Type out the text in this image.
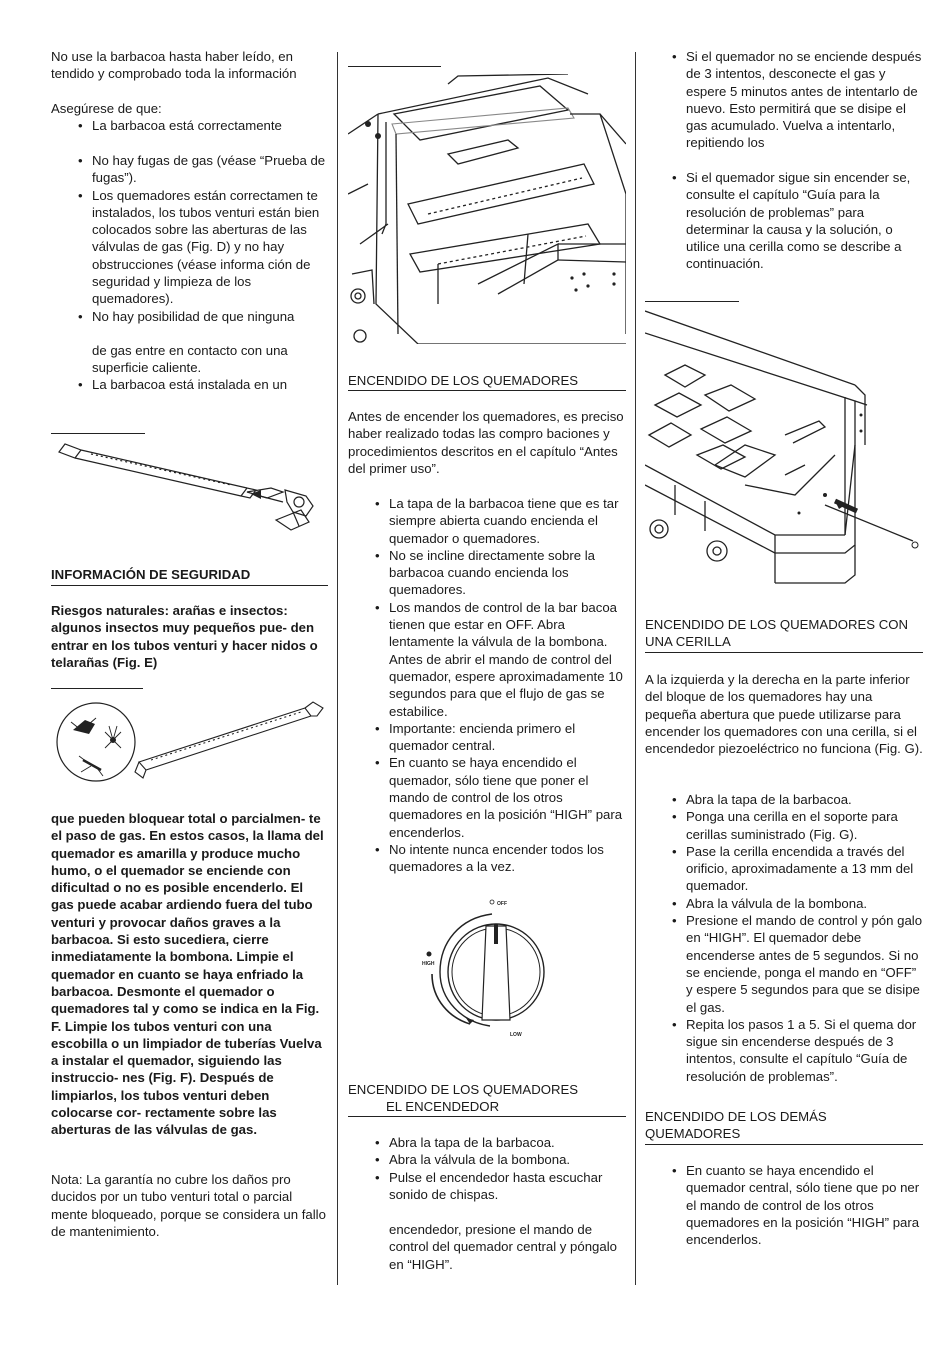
No use la barbacoa hasta haber leído, en tendido y comprobado toda la información

Asegúrese de que:

• La barbacoa está correctamente
• No hay fugas de gas (véase “Prueba de fugas”).
• Los quemadores están correctamen te instalados, los tubos venturi están bien colocados sobre las aberturas de las válvulas de gas (Fig. D) y no hay obstrucciones (véase informa ción de seguridad y limpieza de los quemadores).
• No hay posibilidad de que ninguna

de gas entre en contacto con una superficie caliente.

• La barbacoa está instalada en un

INFORMACIÓN DE SEGURIDAD

Riesgos naturales: arañas e insectos: algunos insectos muy pequeños pue- den entrar en los tubos venturi y hacer nidos o telarañas (Fig. E)

que pueden bloquear total o parcialmen- te el paso de gas. En estos casos, la llama del quemador es amarilla y produce mucho humo, o el quemador se enciende con dificultad o no es posible encenderlo. El gas puede acabar ardiendo fuera del tubo venturi y provocar daños graves a la barbacoa. Si esto sucediera, cierre inmediatamente la bombona. Limpie el quemador en cuanto se haya enfriado la barbacoa. Desmonte el quemador o quemadores tal y como se indica en la Fig. F. Limpie los tubos venturi con una escobilla o un limpiador de tuberías Vuelva a instalar el quemador, siguiendo las instruccio- nes (Fig. F). Después de limpiarlos, los tubos venturi deben colocarse cor- rectamente sobre las aberturas de las válvulas de gas.

Nota: La garantía no cubre los daños pro ducidos por un tubo venturi total o parcial mente bloqueado, porque se considera un fallo de mantenimiento.

ENCENDIDO DE LOS QUEMADORES

Antes de encender los quemadores, es preciso haber realizado todas las compro baciones y procedimientos descritos en el capítulo “Antes del primer uso”.

• La tapa de la barbacoa tiene que es tar siempre abierta cuando encienda el quemador o quemadores.
• No se incline directamente sobre la barbacoa cuando encienda los quemadores.
• Los mandos de control de la bar bacoa tienen que estar en OFF. Abra lentamente la válvula de la bombona. Antes de abrir el mando de control del quemador, espere aproximadamente 10 segundos para que el flujo de gas se estabilice.
• Importante: encienda primero el quemador central.
• En cuanto se haya encendido el quemador, sólo tiene que poner el mando de control de los otros quemadores en la posición “HIGH” para encenderlos.
• No intente nunca encender todos los quemadores a la vez.
OFF
HIGH
LOW

ENCENDIDO DE LOS QUEMADORES

EL ENCENDEDOR

• Abra la tapa de la barbacoa.
• Abra la válvula de la bombona.
• Pulse el encendedor hasta escuchar sonido de chispas.

encendedor, presione el mando de control del quemador central y póngalo en “HIGH”.

• Si el quemador no se enciende después de 3 intentos, desconecte el gas y espere 5 minutos antes de intentarlo de nuevo. Esto permitirá que se disipe el gas acumulado. Vuelva a intentarlo, repitiendo los
• Si el quemador sigue sin encender se, consulte el capítulo “Guía para la resolución de problemas” para determinar la causa y la solución, o utilice una cerilla como se describe a continuación.

ENCENDIDO DE LOS QUEMADORES CON UNA CERILLA

A la izquierda y la derecha en la parte inferior del bloque de los quemadores hay una pequeña abertura que puede utilizarse para encender los quemadores con una cerilla, si el encendedor piezoeléctrico no funciona (Fig. G).

• Abra la tapa de la barbacoa.
• Ponga una cerilla en el soporte para cerillas suministrado (Fig. G).
• Pase la cerilla encendida a través del orificio, aproximadamente a 13 mm del quemador.
• Abra la válvula de la bombona.
• Presione el mando de control y pón galo en “HIGH”. El quemador debe encenderse antes de 5 segundos. Si no se enciende, ponga el mando en “OFF” y espere 5 segundos para que se disipe el gas.
• Repita los pasos 1 a 5. Si el quema dor sigue sin encenderse después de 3 intentos, consulte el capítulo “Guía de resolución de problemas”.

ENCENDIDO DE LOS DEMÁS QUEMADORES

• En cuanto se haya encendido el quemador central, sólo tiene que po ner el mando de control de los otros quemadores en la posición “HIGH” para encenderlos.
